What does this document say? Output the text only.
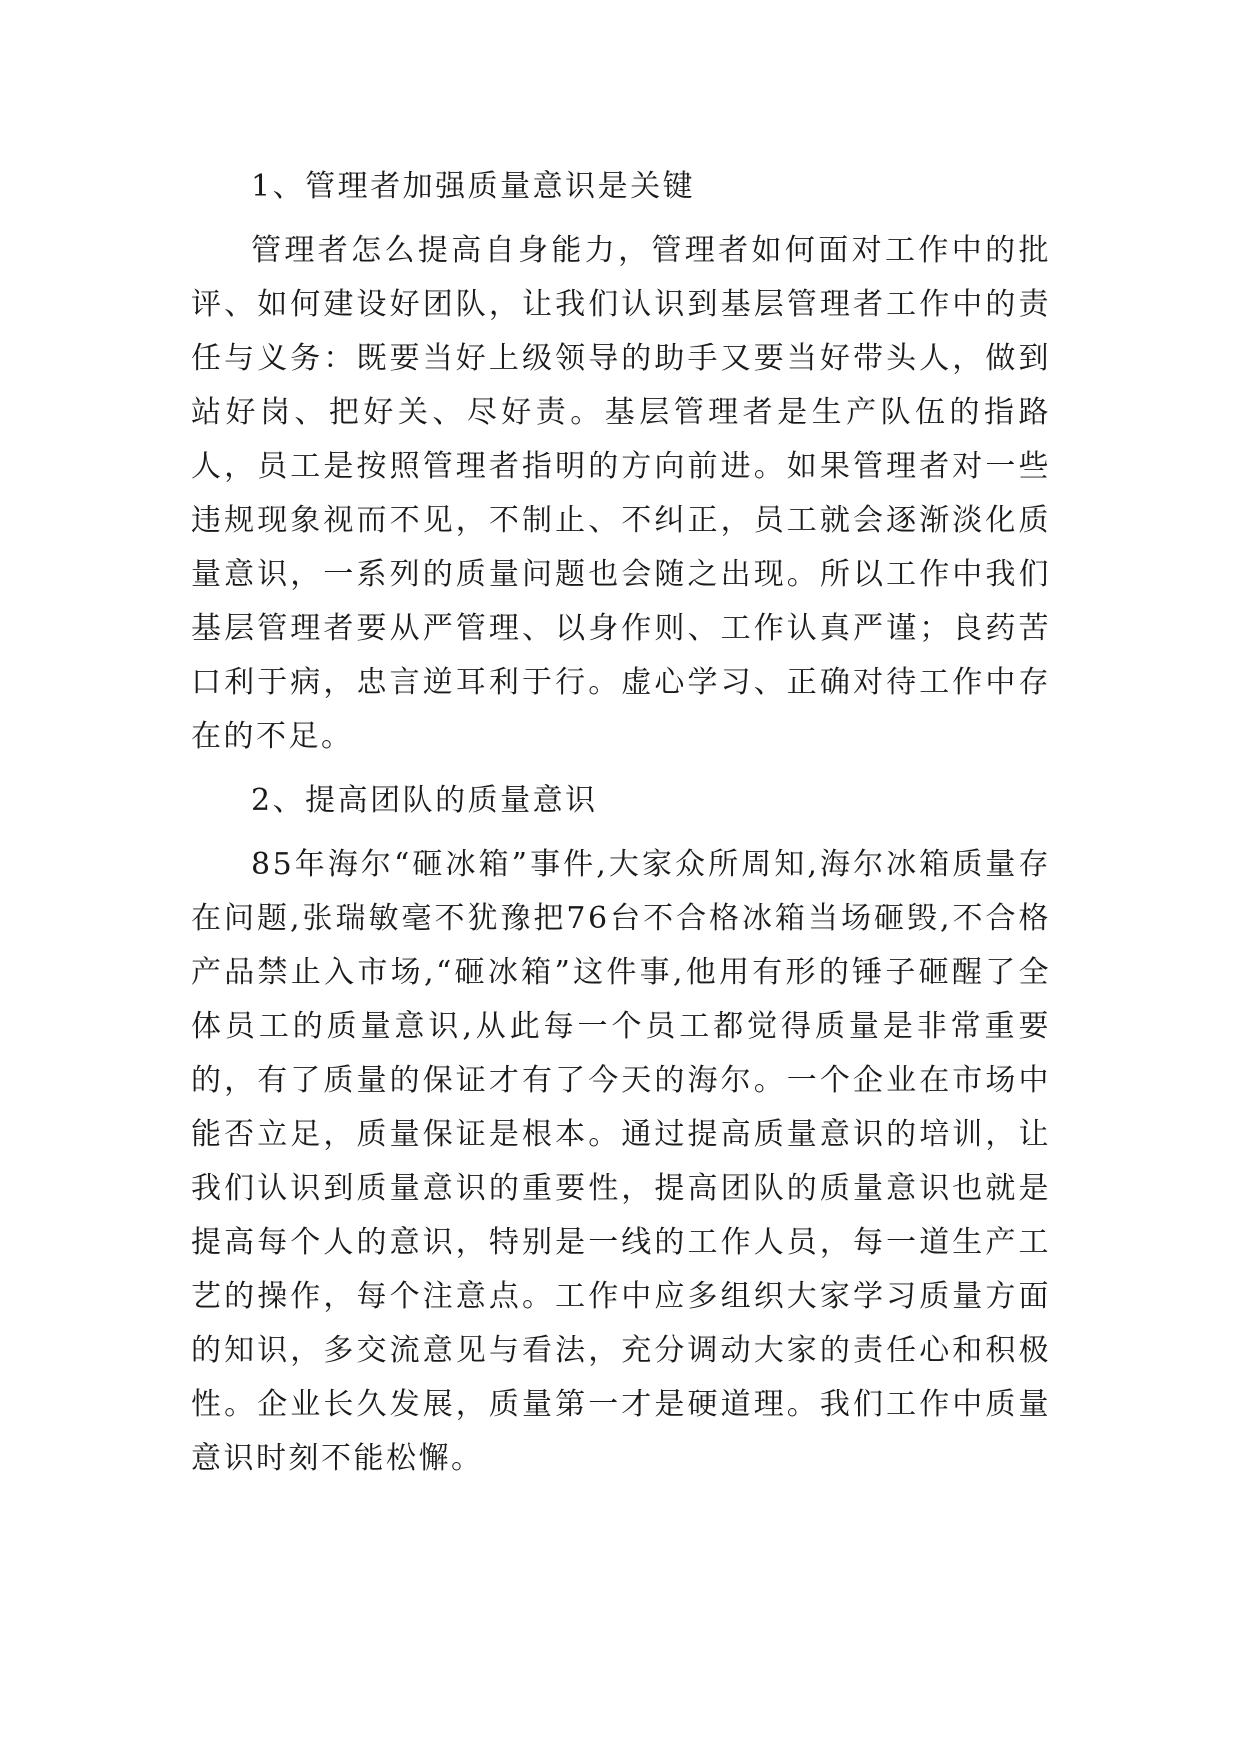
1、管理者加强质量意识是关键

管理者怎么提高自身能力，管理者如何面对工作中的批评、如何建设好团队，让我们认识到基层管理者工作中的责任与义务：既要当好上级领导的助手又要当好带头人，做到站好岗、把好关、尽好责。基层管理者是生产队伍的指路人，员工是按照管理者指明的方向前进。如果管理者对一些违规现象视而不见，不制止、不纠正，员工就会逐渐淡化质量意识，一系列的质量问题也会随之出现。所以工作中我们基层管理者要从严管理、以身作则、工作认真严谨；良药苦口利于病，忠言逆耳利于行。虚心学习、正确对待工作中存在的不足。

2、提高团队的质量意识

85年海尔“砸冰箱”事件,大家众所周知,海尔冰箱质量存在问题,张瑞敏毫不犹豫把76台不合格冰箱当场砸毁,不合格产品禁止入市场,“砸冰箱”这件事,他用有形的锤子砸醒了全体员工的质量意识,从此每一个员工都觉得质量是非常重要的，有了质量的保证才有了今天的海尔。一个企业在市场中能否立足，质量保证是根本。通过提高质量意识的培训，让我们认识到质量意识的重要性，提高团队的质量意识也就是提高每个人的意识，特别是一线的工作人员，每一道生产工艺的操作，每个注意点。工作中应多组织大家学习质量方面的知识，多交流意见与看法，充分调动大家的责任心和积极性。企业长久发展，质量第一才是硬道理。我们工作中质量意识时刻不能松懈。
